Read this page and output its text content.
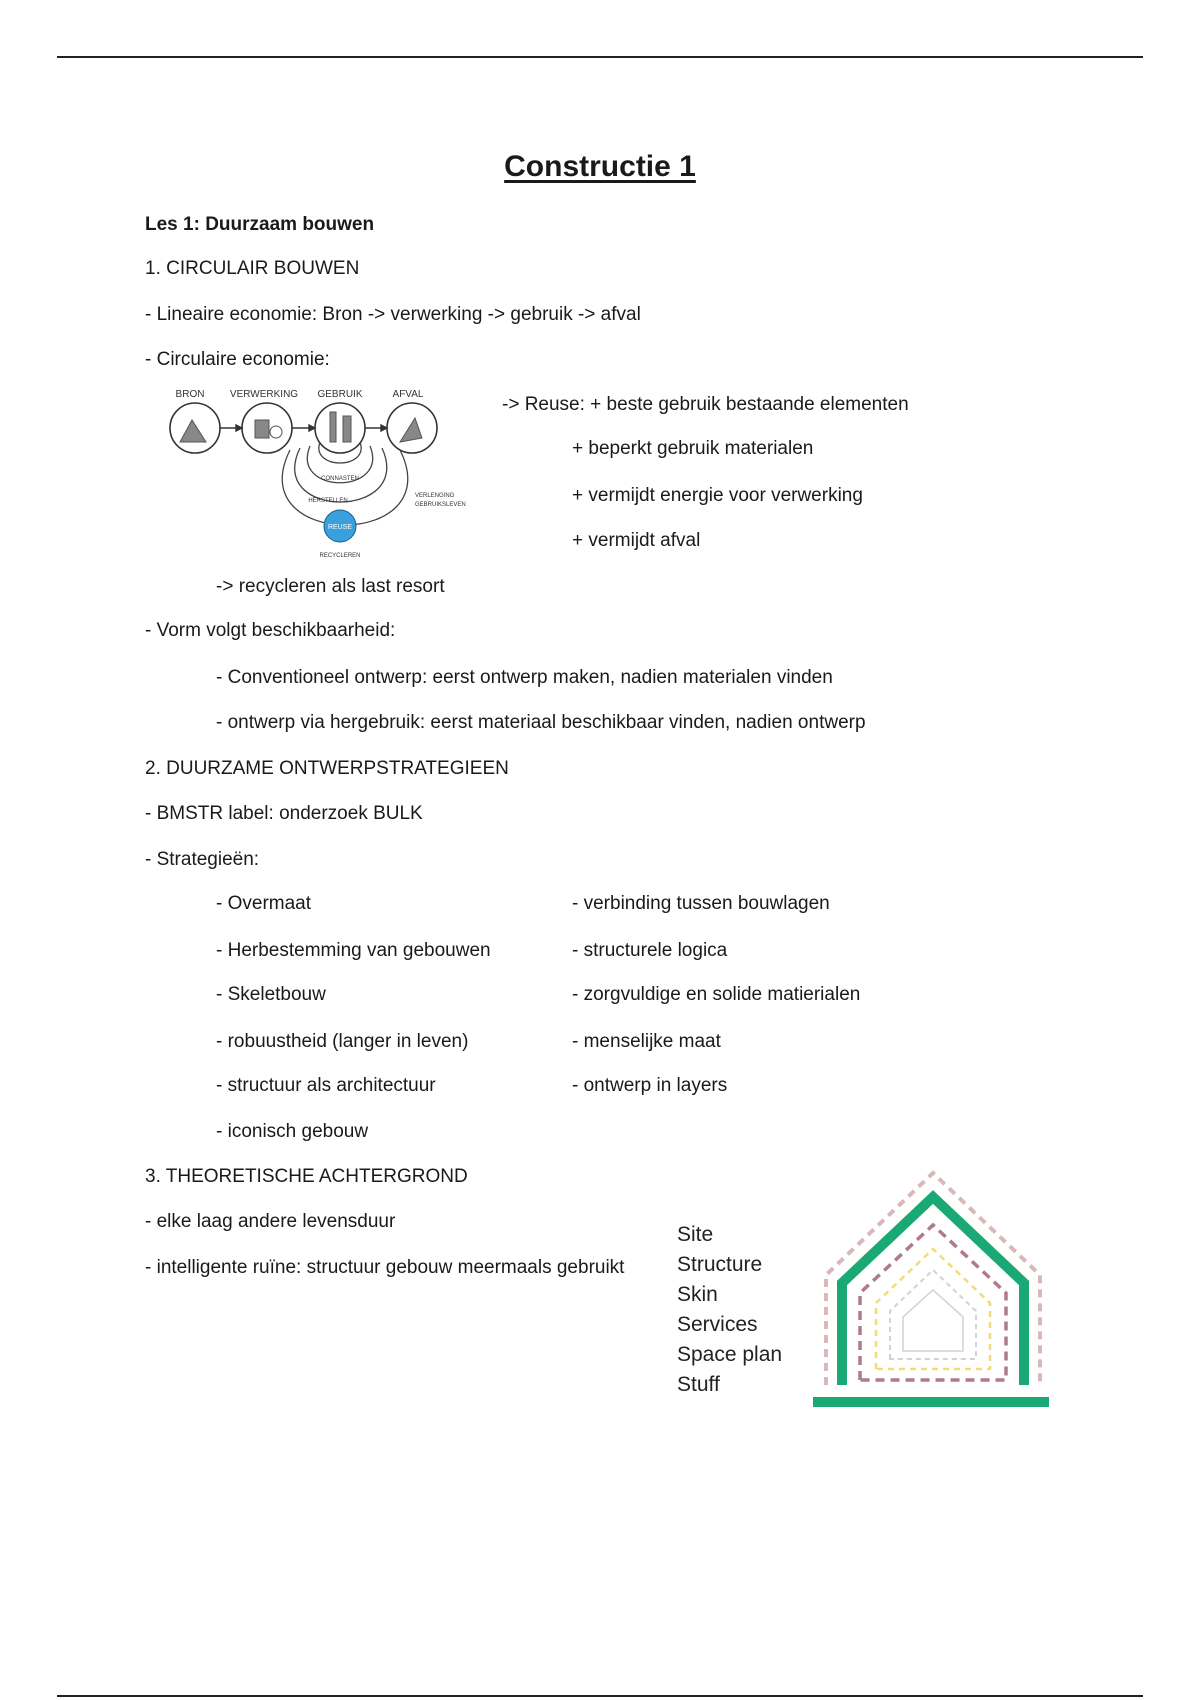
Constructie 1
Les 1: Duurzaam bouwen
1. CIRCULAIR BOUWEN
- Lineaire economie: Bron -> verwerking -> gebruik -> afval
- Circulaire economie:
BRON	VERWERKING GEBRUIK	AFVAL
CONNASTEN
HERSTELLEN
REUSE
RECYCLEREN
VERLENGING
GEBRUIKSLEVEN
-> Reuse: + beste gebruik bestaande elementen
+ beperkt gebruik materialen
+ vermijdt energie voor verwerking
+ vermijdt afval
-> recycleren als last resort
- Vorm volgt beschikbaarheid:
- Conventioneel ontwerp: eerst ontwerp maken, nadien materialen vinden
- ontwerp via hergebruik: eerst materiaal beschikbaar vinden, nadien ontwerp
2. DUURZAME ONTWERPSTRATEGIEEN
- BMSTR label: onderzoek BULK
- Strategieën:
- Overmaat
- Herbestemming van gebouwen
- Skeletbouw
- robuustheid (langer in leven)
- structuur als architectuur
- iconisch gebouw
- verbinding tussen bouwlagen
- structurele logica
- zorgvuldige en solide matierialen
- menselijke maat
- ontwerp in layers
3. THEORETISCHE ACHTERGROND
- elke laag andere levensduur
- intelligente ruïne: structuur gebouw meermaals gebruikt
Site
Structure
Skin
Services
Space plan
Stuff
